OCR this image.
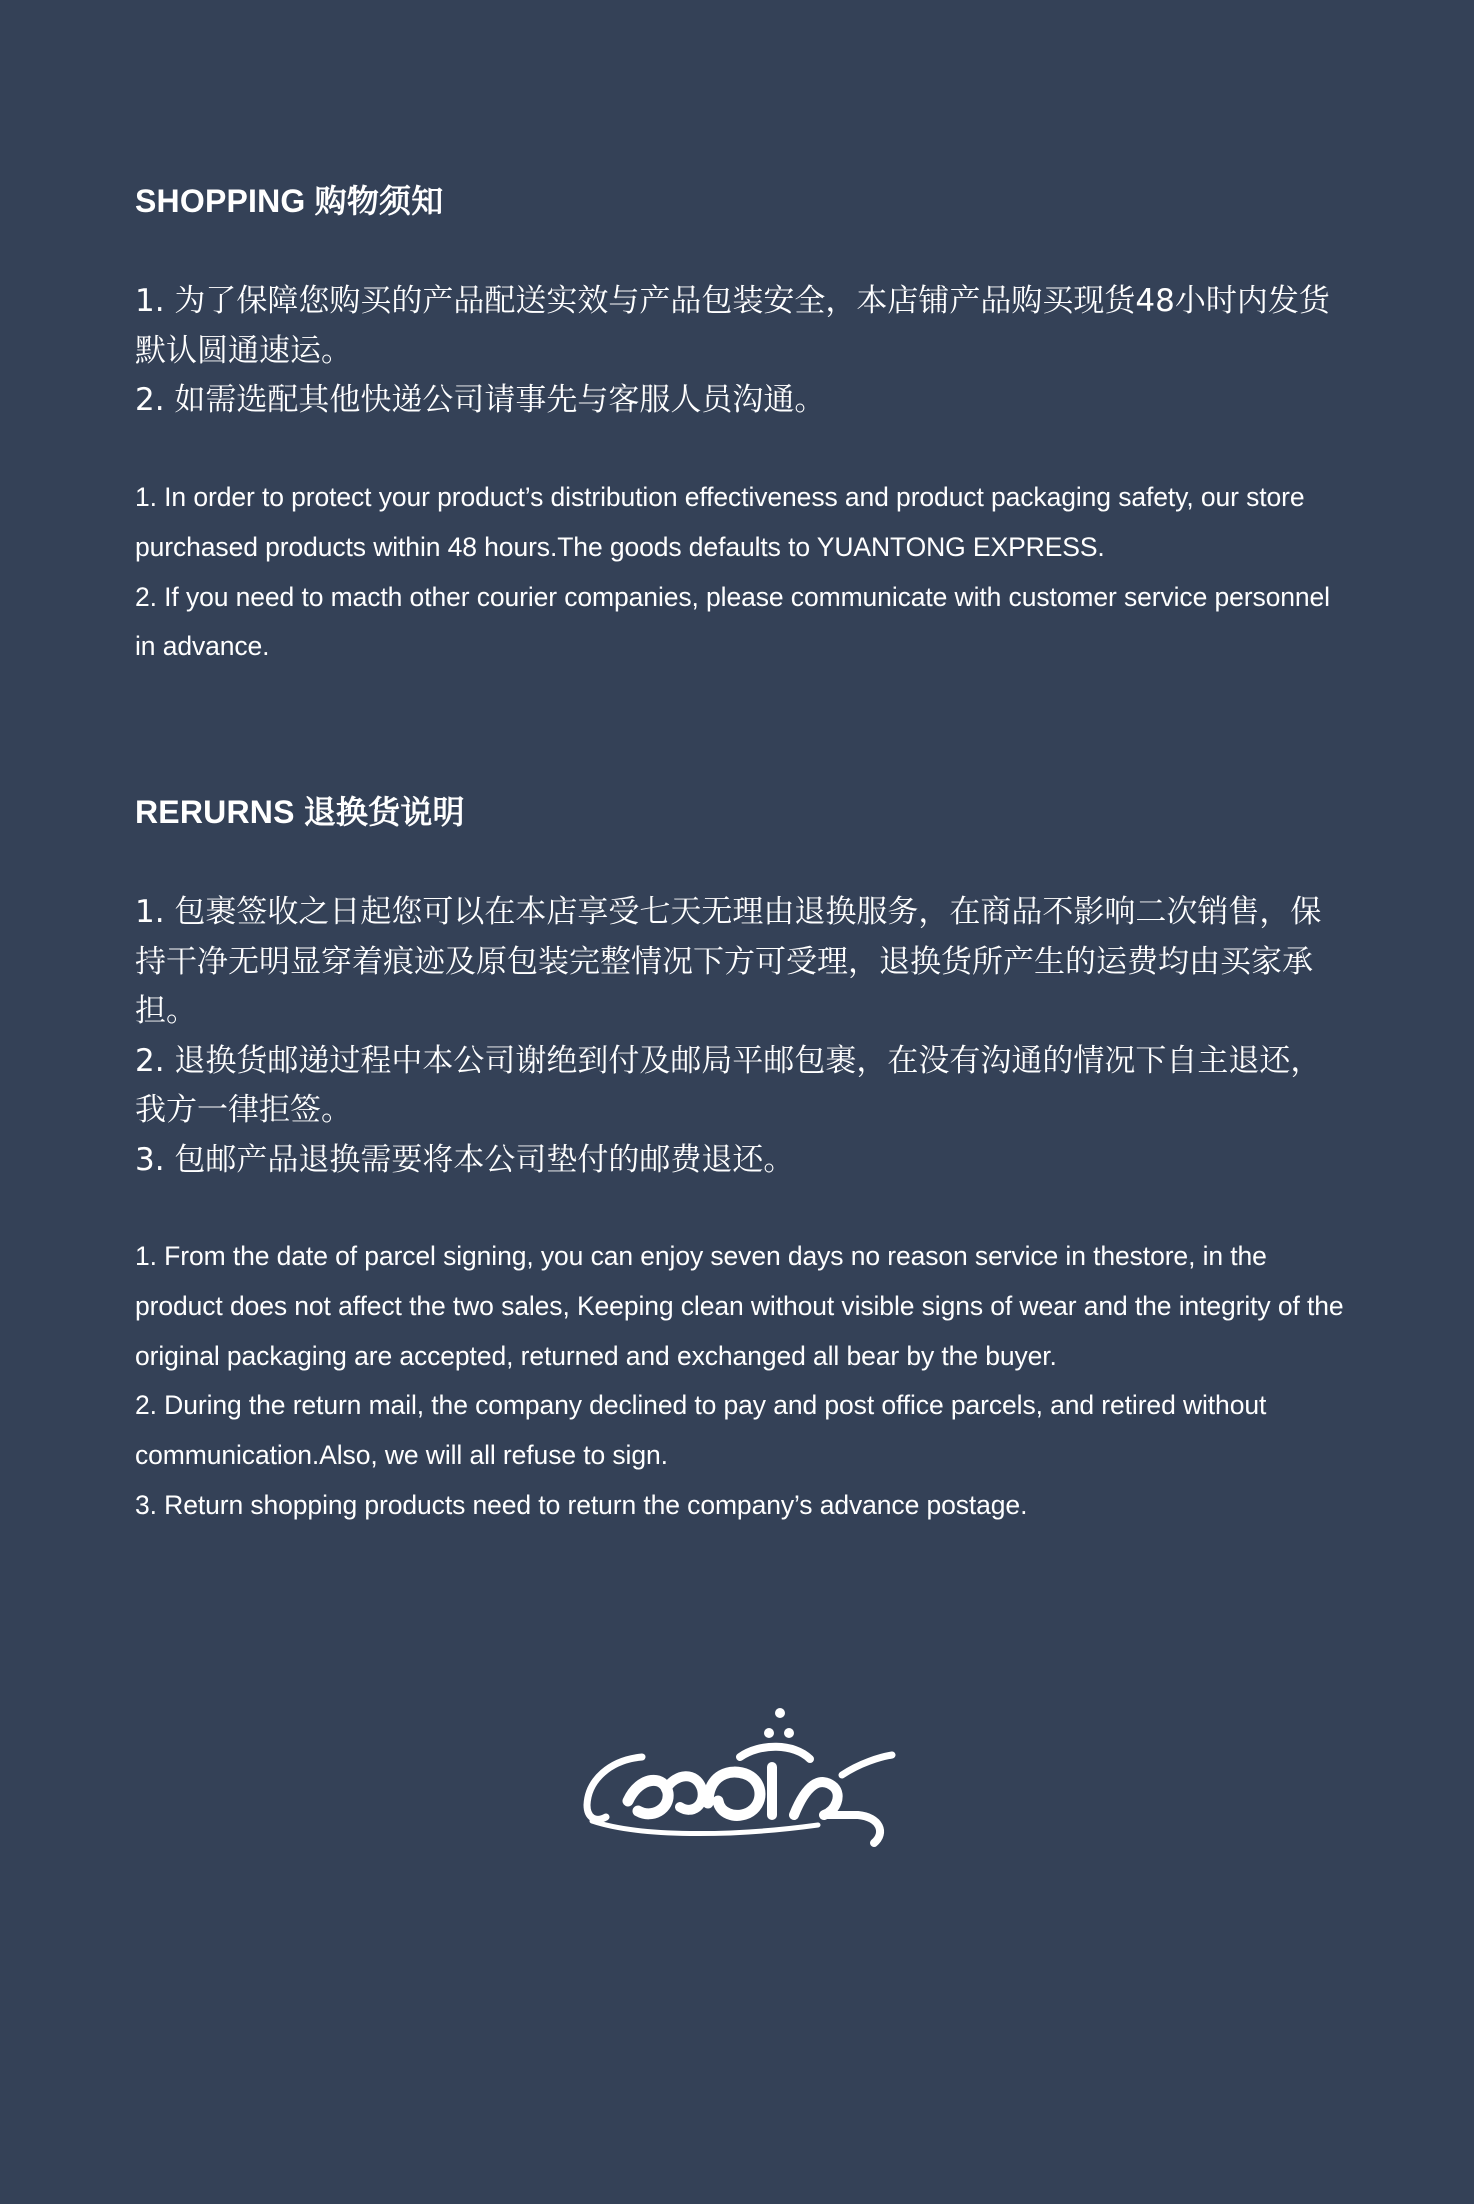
SHOPPING 购物须知

1. 为了保障您购买的产品配送实效与产品包装安全，本店铺产品购买现货48小时内发货默认圆通速运。

2. 如需选配其他快递公司请事先与客服人员沟通。

1. In order to protect your product’s distribution effectiveness and product packaging safety, our store purchased products within 48 hours.The goods defaults to YUANTONG EXPRESS.

2. If you need to macth other courier companies, please communicate with customer service personnel in advance.

RERURNS 退换货说明

1. 包裹签收之日起您可以在本店享受七天无理由退换服务，在商品不影响二次销售，保持干净无明显穿着痕迹及原包装完整情况下方可受理，退换货所产生的运费均由买家承担。

2. 退换货邮递过程中本公司谢绝到付及邮局平邮包裹，在没有沟通的情况下自主退还，我方一律拒签。

3. 包邮产品退换需要将本公司垫付的邮费退还。

1. From the date of parcel signing, you can enjoy seven days no reason service in thestore, in the product does not affect the two sales, Keeping clean without visible signs of wear and the integrity of the original packaging are accepted, returned and exchanged all bear by the buyer.

2. During the return mail, the company declined to pay and post office parcels, and retired without communication.Also, we will all refuse to sign.

3. Return shopping products need to return the company’s advance postage.
